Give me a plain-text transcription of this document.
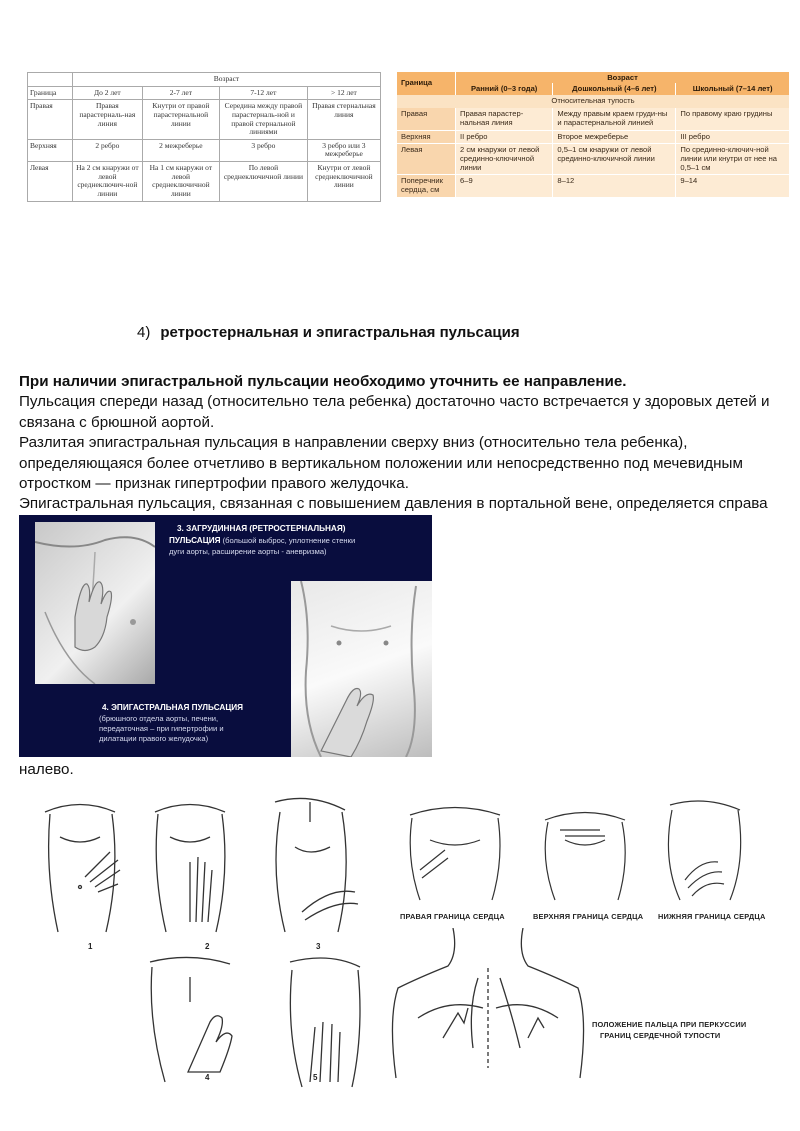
	Возраст			
Граница	До 2 лет	2-7 лет	7-12 лет	> 12 лет
Правая	Правая парастерналь-ная линия	Кнутри от правой парастернальной линии	Середина между правой парастерналь-ной и правой стернальной линиями	Правая стернальная линия
Верхняя	2 ребро	2 межреберье	3 ребро	3 ребро или 3 межреберье
Левая	На 2 см кнаружи от левой среднеключич-ной линии	На 1 см кнаружи от левой среднеключичной линии	По левой среднеключичной линии	Кнутри от левой среднеключичной линии
Граница	Возраст		
	Ранний (0–3 года)	Дошкольный (4–6 лет)	Школьный (7–14 лет)
Относительная тупость			
Правая	Правая парастер-нальная линия	Между правым краем груди-ны и парастернальной линией	По правому краю грудины
Верхняя	II ребро	Второе межреберье	III ребро
Левая	2 см кнаружи от левой срединно-ключичной линии	0,5–1 см кнаружи от левой срединно-ключичной линии	По срединно-ключич-ной линии или кнутри от нее на 0,5–1 см
Поперечник сердца, см	6–9	8–12	9–14
4) ретростернальная и эпигастральная пульсация

При наличии эпигастральной пульсации необходимо уточнить ее направление.

Пульсация спереди назад (относительно тела ребенка) достаточно часто встречается у здоровых детей и связана с брюшной аортой.

Разлитая эпигастральная пульсация в направлении сверху вниз (относительно тела ребенка), определяющаяся более отчетливо в вертикальном положении или непосредственно под мечевидным отростком — признак гипертрофии правого желудочка.

Эпигастральная пульсация, связанная с повышением давления в портальной вене, определяется справа

налево.

3. ЗАГРУДИННАЯ (РЕТРОСТЕРНАЛЬНАЯ)
ПУЛЬСАЦИЯ (большой выброс, уплотнение стенки
дуги аорты, расширение аорты - аневризма)
4. ЭПИГАСТРАЛЬНАЯ ПУЛЬСАЦИЯ
(брюшного отдела аорты, печени,
передаточная – при гипертрофии и
дилатации правого желудочка)
1	2	3
4	5
ПРАВАЯ ГРАНИЦА СЕРДЦА	ВЕРХНЯЯ ГРАНИЦА СЕРДЦА НИЖНЯЯ ГРАНИЦА СЕРДЦА
ПОЛОЖЕНИЕ ПАЛЬЦА ПРИ ПЕРКУССИИ
ГРАНИЦ СЕРДЕЧНОЙ ТУПОСТИ
